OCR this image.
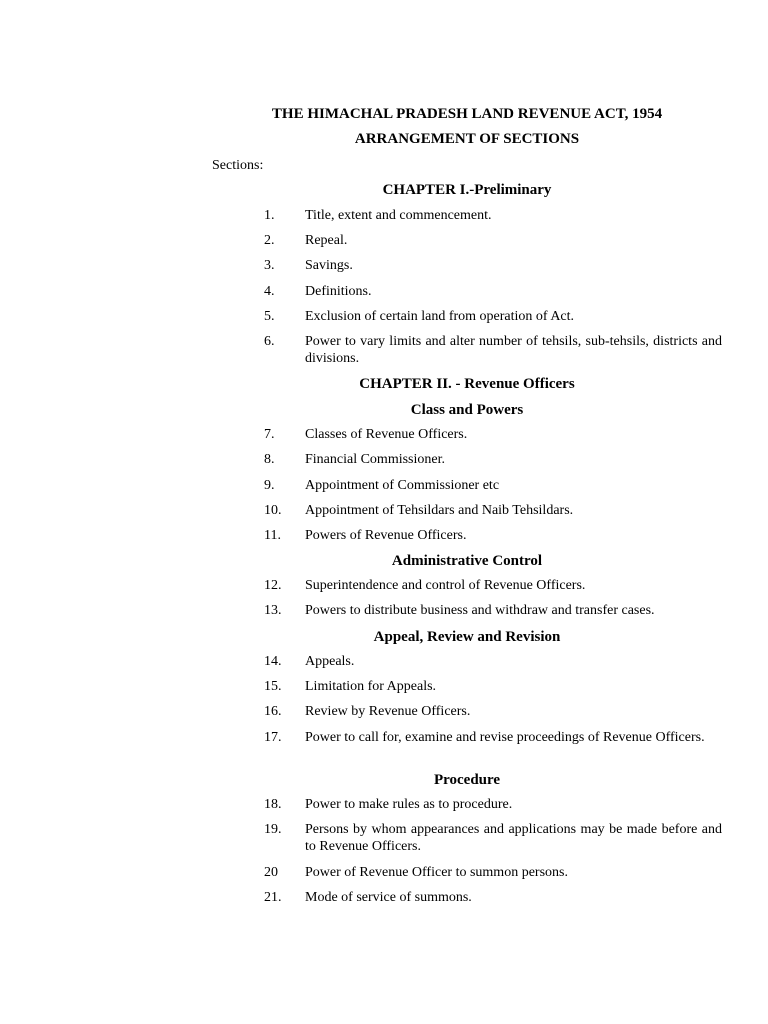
THE HIMACHAL PRADESH LAND REVENUE ACT, 1954
ARRANGEMENT OF SECTIONS
Sections:
CHAPTER I.-Preliminary
1. Title, extent and commencement.
2. Repeal.
3. Savings.
4. Definitions.
5. Exclusion of certain land from operation of Act.
6. Power to vary limits and alter number of tehsils, sub-tehsils, districts and divisions.
CHAPTER II. - Revenue Officers
Class and Powers
7. Classes of Revenue Officers.
8. Financial Commissioner.
9. Appointment of Commissioner etc
10. Appointment of Tehsildars and Naib Tehsildars.
11. Powers of Revenue Officers.
Administrative Control
12. Superintendence and control of Revenue Officers.
13. Powers to distribute business and withdraw and transfer cases.
Appeal, Review and Revision
14. Appeals.
15. Limitation for Appeals.
16. Review by Revenue Officers.
17. Power to call for, examine and revise proceedings of Revenue Officers.
Procedure
18. Power to make rules as to procedure.
19. Persons by whom appearances and applications may be made before and to Revenue Officers.
20 Power of Revenue Officer to summon persons.
21. Mode of service of summons.
